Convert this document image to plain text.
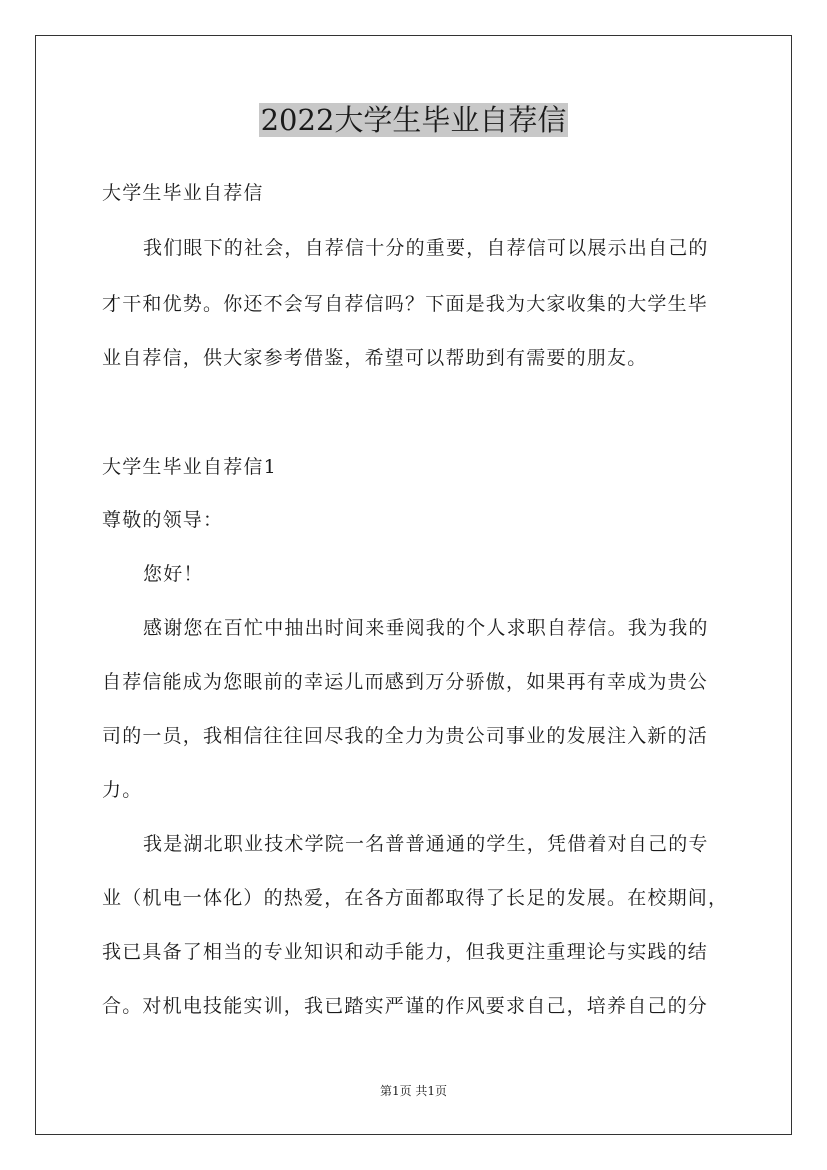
2022大学生毕业自荐信

大学生毕业自荐信

我们眼下的社会，自荐信十分的重要，自荐信可以展示出自己的

才干和优势。你还不会写自荐信吗？下面是我为大家收集的大学生毕

业自荐信，供大家参考借鉴，希望可以帮助到有需要的朋友。

大学生毕业自荐信1

尊敬的领导：

您好！

感谢您在百忙中抽出时间来垂阅我的个人求职自荐信。我为我的

自荐信能成为您眼前的幸运儿而感到万分骄傲，如果再有幸成为贵公

司的一员，我相信往往回尽我的全力为贵公司事业的发展注入新的活

力。

我是湖北职业技术学院一名普普通通的学生，凭借着对自己的专

业（机电一体化）的热爱，在各方面都取得了长足的发展。在校期间，

我已具备了相当的专业知识和动手能力，但我更注重理论与实践的结

合。对机电技能实训，我已踏实严谨的作风要求自己，培养自己的分

第1页 共1页
